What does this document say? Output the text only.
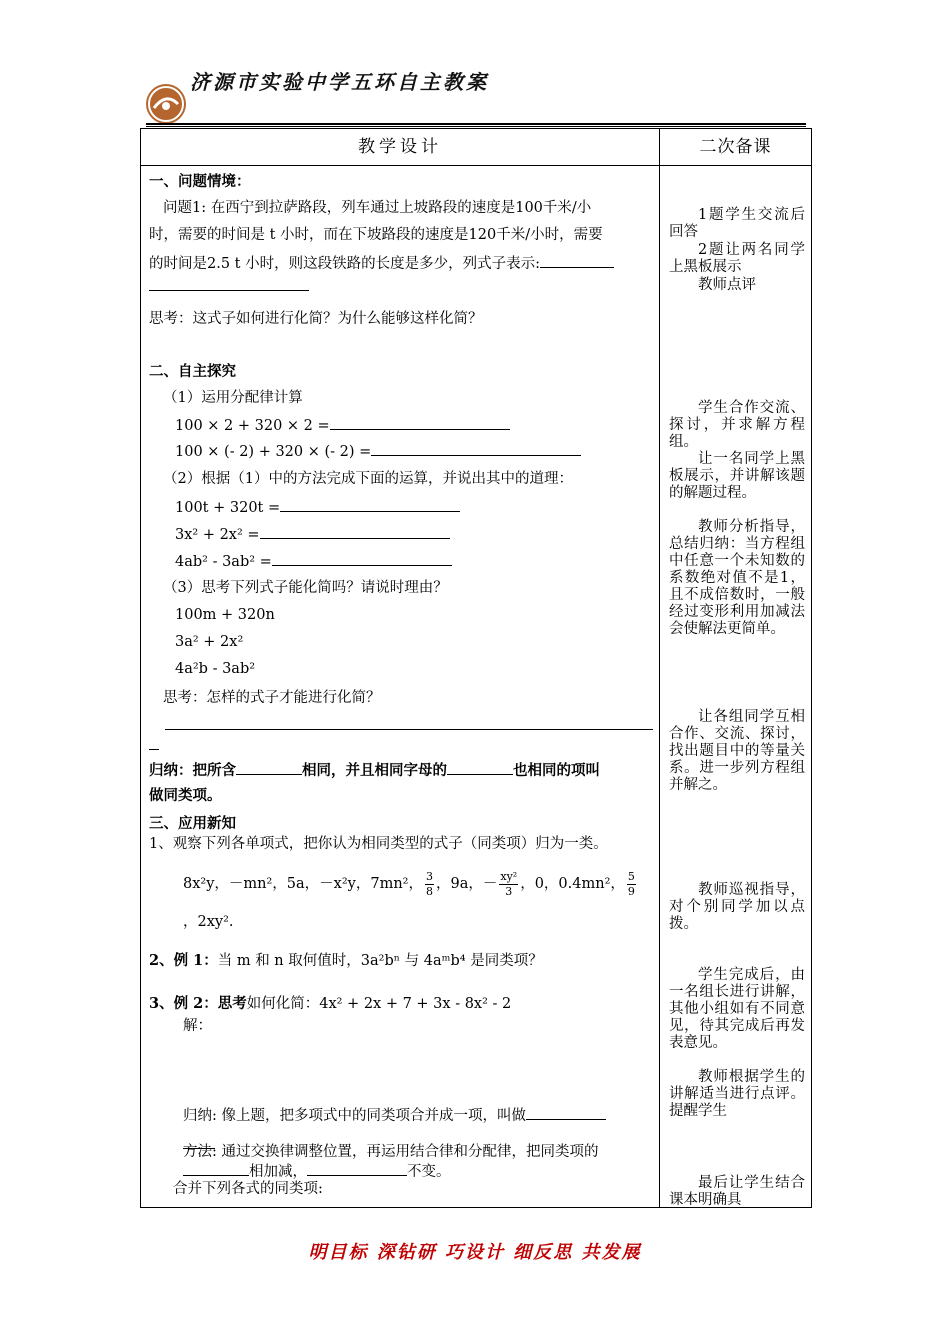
济源市实验中学五环自主教案
教学设计	二次备课
一、问题情境：
问题1: 在西宁到拉萨路段，列车通过上坡路段的速度是100千米/小
时，需要的时间是 t 小时，而在下坡路段的速度是120千米/小时，需要
的时间是2.5 t 小时，则这段铁路的长度是多少，列式子表示:
思考：这式子如何进行化简？为什么能够这样化简？
二、自主探究
（1）运用分配律计算
100 × 2 + 320 × 2 =
100 × (- 2) + 320 × (- 2) =
（2）根据（1）中的方法完成下面的运算，并说出其中的道理：
100t + 320t =
3x² + 2x² =
4ab² - 3ab² =
（3）思考下列式子能化简吗？请说时理由？
100m + 320n
3a² + 2x²
4a²b - 3ab²
思考：怎样的式子才能进行化简？
归纳：把所含	相同，并且相同字母的	也相同的项叫
做同类项。
三、应用新知
1、观察下列各单项式，把你认为相同类型的式子（同类项）归为一类。
8x²y，－mn²，5a，－x²y，7mn²， $\frac{3}{8}$ ，9a，－ $\frac{\text{xy²}}{3}$ ，0，0.4mn²， $\frac{5}{9}$
，2xy².
2、例 1：当 m 和 n 取何值时，3a²bⁿ 与 4aᵐb⁴ 是同类项？
3、例 2：思考如何化简：4x² + 2x + 7 + 3x - 8x² - 2
解：
归纳: 像上题，把多项式中的同类项合并成一项，叫做
方法: 通过交换律调整位置，再运用结合律和分配律，把同类项的
相加减，	不变。
合并下列各式的同类项:

1题学生交流后回答

2题让两名同学上黑板展示

教师点评

学生合作交流、探讨，并求解方程组。

让一名同学上黑板展示，并讲解该题的解题过程。

教师分析指导，总结归纳：当方程组中任意一个未知数的系数绝对值不是1，且不成倍数时，一般经过变形利用加减法会使解法更简单。

让各组同学互相合作、交流、探讨，找出题目中的等量关系。进一步列方程组并解之。

教师巡视指导，对个别同学加以点拨。

学生完成后，由一名组长进行讲解，其他小组如有不同意见，待其完成后再发表意见。

教师根据学生的讲解适当进行点评。提醒学生

最后让学生结合课本明确具

明目标 深钻研 巧设计 细反思 共发展
